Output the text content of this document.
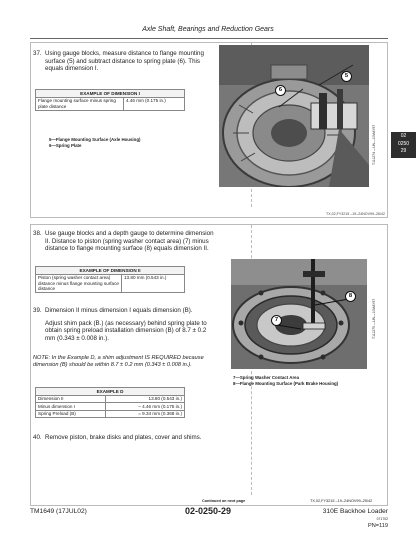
Axle Shaft, Bearings and Reduction Gears
02
0250
29
37. Using gauge blocks, measure distance to flange mounting surface (5) and subtract distance to spring plate (6). This equals dimension I.
EXAMPLE OF DIMENSION I
Flange mounting surface minus spring plate distance	4.46 mm (0.175 in.)
5—Flange Mounting Surface (Axle Housing)
6—Spring Plate
5
6
T111274 —UN—10MAY97
TX,02,FY3215 –19–24NOV99–26/42
38. Use gauge blocks and a depth gauge to determine dimension II. Distance to piston (spring washer contact area) (7) minus distance to flange mounting surface (8) equals dimension II.
EXAMPLE OF DIMENSION II
Piston (spring washer contact area) distance minus flange mounting surface distance	13.80 mm (0.543 in.)
39. Dimension II minus dimension I equals dimension (B).
Adjust shim pack (B.) (as necessary) behind spring plate to obtain spring preload installation dimension (B) of 8.7 ± 0.2 mm (0.343 ± 0.008 in.).
NOTE: In the Example D, a shim adjustment IS REQUIRED because dimension (B) should be within 8.7 ± 0.2 mm (0.343 ± 0.008 in.).
EXAMPLE D	
Dimension II	13.80 (0.543 in.)
Minus dimension I	– 4.46 mm (0.175 in.)
Spring Preload (B)	= 9.34 mm (0.368 in.)
40. Remove piston, brake disks and plates, cover and shims.
8
7	T111275 —UN—10MAY97
7—Spring Washer Contact Area
8—Flange Mounting Surface (Park Brake Housing)
Continued on next page	TX,02,FY3215 –19–24NOV99–25/42
TM1649 (17JUL02)	02-0250-29	310E Backhoe Loader
071702
PN=119
